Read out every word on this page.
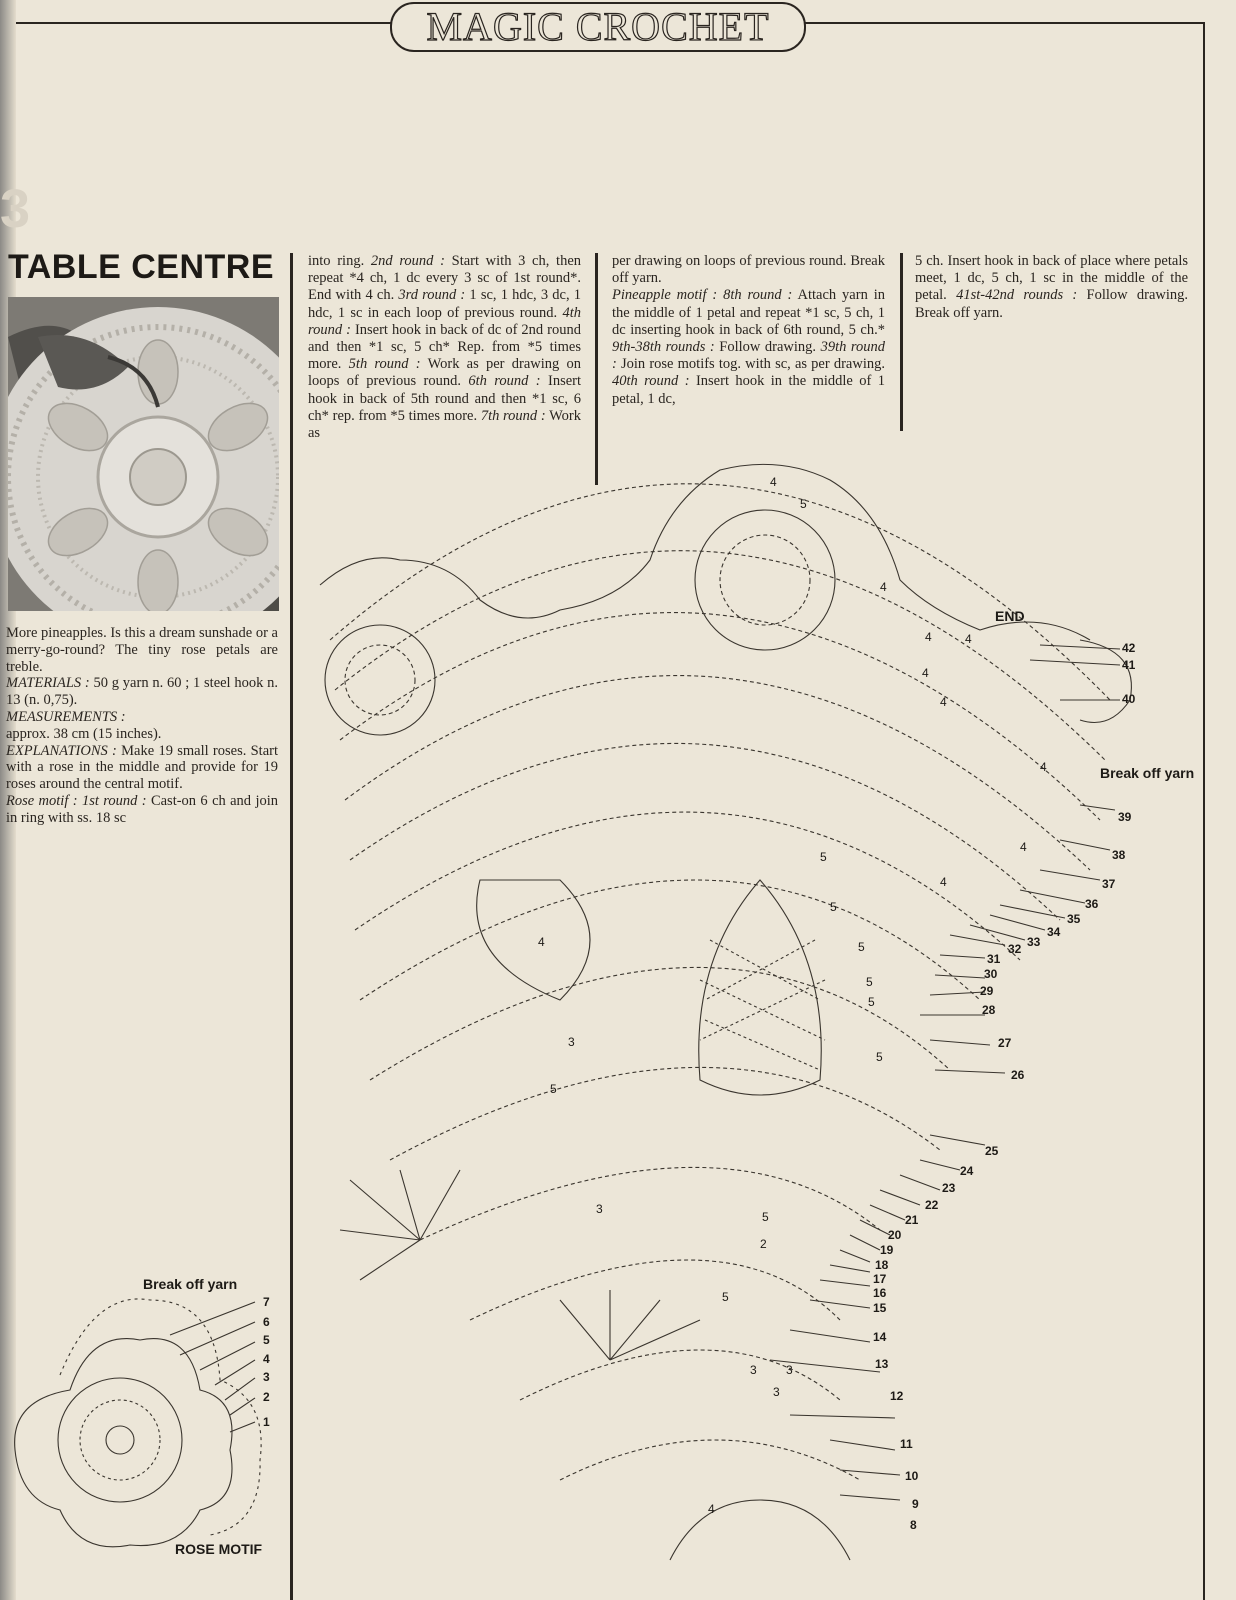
MAGIC CROCHET
3
TABLE CENTRE

More pineapples. Is this a dream sunshade or a merry-go-round? The tiny rose petals are treble.
MATERIALS : 50 g yarn n. 60 ; 1 steel hook n. 13 (n. 0,75).
MEASUREMENTS :
approx. 38 cm (15 inches).
EXPLANATIONS : Make 19 small roses. Start with a rose in the middle and provide for 19 roses around the central motif.
Rose motif : 1st round : Cast-on 6 ch and join in ring with ss. 18 sc

into ring. 2nd round : Start with 3 ch, then repeat *4 ch, 1 dc every 3 sc of 1st round*. End with 4 ch. 3rd round : 1 sc, 1 hdc, 3 dc, 1 hdc, 1 sc in each loop of previous round. 4th round : Insert hook in back of dc of 2nd round and then *1 sc, 5 ch* Rep. from *5 times more. 5th round : Work as per drawing on loops of previous round. 6th round : Insert hook in back of 5th round and then *1 sc, 6 ch* rep. from *5 times more. 7th round : Work as

per drawing on loops of previous round. Break off yarn.
Pineapple motif : 8th round : Attach yarn in the middle of 1 petal and repeat *1 sc, 5 ch, 1 dc inserting hook in back of 6th round, 5 ch.* 9th-38th rounds : Follow drawing. 39th round : Join rose motifs tog. with sc, as per drawing. 40th round : Insert hook in the middle of 1 petal, 1 dc,

5 ch. Insert hook in back of place where petals meet, 1 dc, 5 ch, 1 sc in the middle of the petal. 41st-42nd rounds : Follow drawing. Break off yarn.

42
41
40
39
38
37
36
35
34
33
32
31
30
29
28
27
26
25
24
23
22
21
20
19
18
17
16
15
14
13
12
11
10
9
8
4
4
5
4	4
4
4
4
4
4
5
5
5
5
5
5
5
5
5
4
3
3
3
2
3
3
4
END
Break off yarn
Break off yarn
7
6
5
4
3
2
1
ROSE MOTIF
